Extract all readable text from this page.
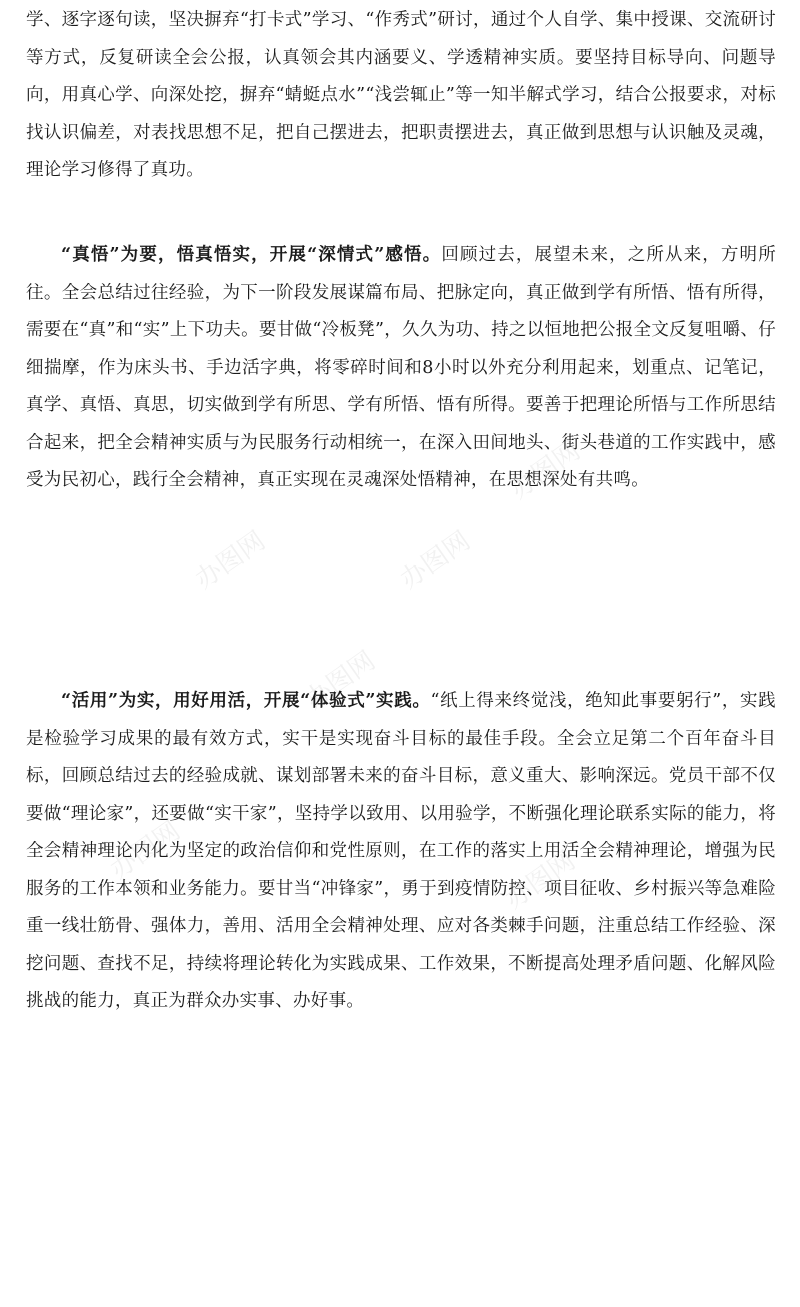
学、逐字逐句读，坚决摒弃“打卡式”学习、“作秀式”研讨，通过个人自学、集中授课、交流研讨等方式，反复研读全会公报，认真领会其内涵要义、学透精神实质。要坚持目标导向、问题导向，用真心学、向深处挖，摒弃“蜻蜓点水”“浅尝辄止”等一知半解式学习，结合公报要求，对标找认识偏差，对表找思想不足，把自己摆进去，把职责摆进去，真正做到思想与认识触及灵魂，理论学习修得了真功。

“真悟”为要，悟真悟实，开展“深情式”感悟。回顾过去，展望未来，之所从来，方明所往。全会总结过往经验，为下一阶段发展谋篇布局、把脉定向，真正做到学有所悟、悟有所得，需要在“真”和“实”上下功夫。要甘做“冷板凳”，久久为功、持之以恒地把公报全文反复咀嚼、仔细揣摩，作为床头书、手边活字典，将零碎时间和8小时以外充分利用起来，划重点、记笔记，真学、真悟、真思，切实做到学有所思、学有所悟、悟有所得。要善于把理论所悟与工作所思结合起来，把全会精神实质与为民服务行动相统一，在深入田间地头、街头巷道的工作实践中，感受为民初心，践行全会精神，真正实现在灵魂深处悟精神，在思想深处有共鸣。

“活用”为实，用好用活，开展“体验式”实践。“纸上得来终觉浅，绝知此事要躬行”，实践是检验学习成果的最有效方式，实干是实现奋斗目标的最佳手段。全会立足第二个百年奋斗目标，回顾总结过去的经验成就、谋划部署未来的奋斗目标，意义重大、影响深远。党员干部不仅要做“理论家”，还要做“实干家”，坚持学以致用、以用验学，不断强化理论联系实际的能力，将全会精神理论内化为坚定的政治信仰和党性原则，在工作的落实上用活全会精神理论，增强为民服务的工作本领和业务能力。要甘当“冲锋家”，勇于到疫情防控、项目征收、乡村振兴等急难险重一线壮筋骨、强体力，善用、活用全会精神处理、应对各类棘手问题，注重总结工作经验、深挖问题、查找不足，持续将理论转化为实践成果、工作效果，不断提高处理矛盾问题、化解风险挑战的能力，真正为群众办实事、办好事。

办图网
办图网
办图网
办图网
办图网	办图网
